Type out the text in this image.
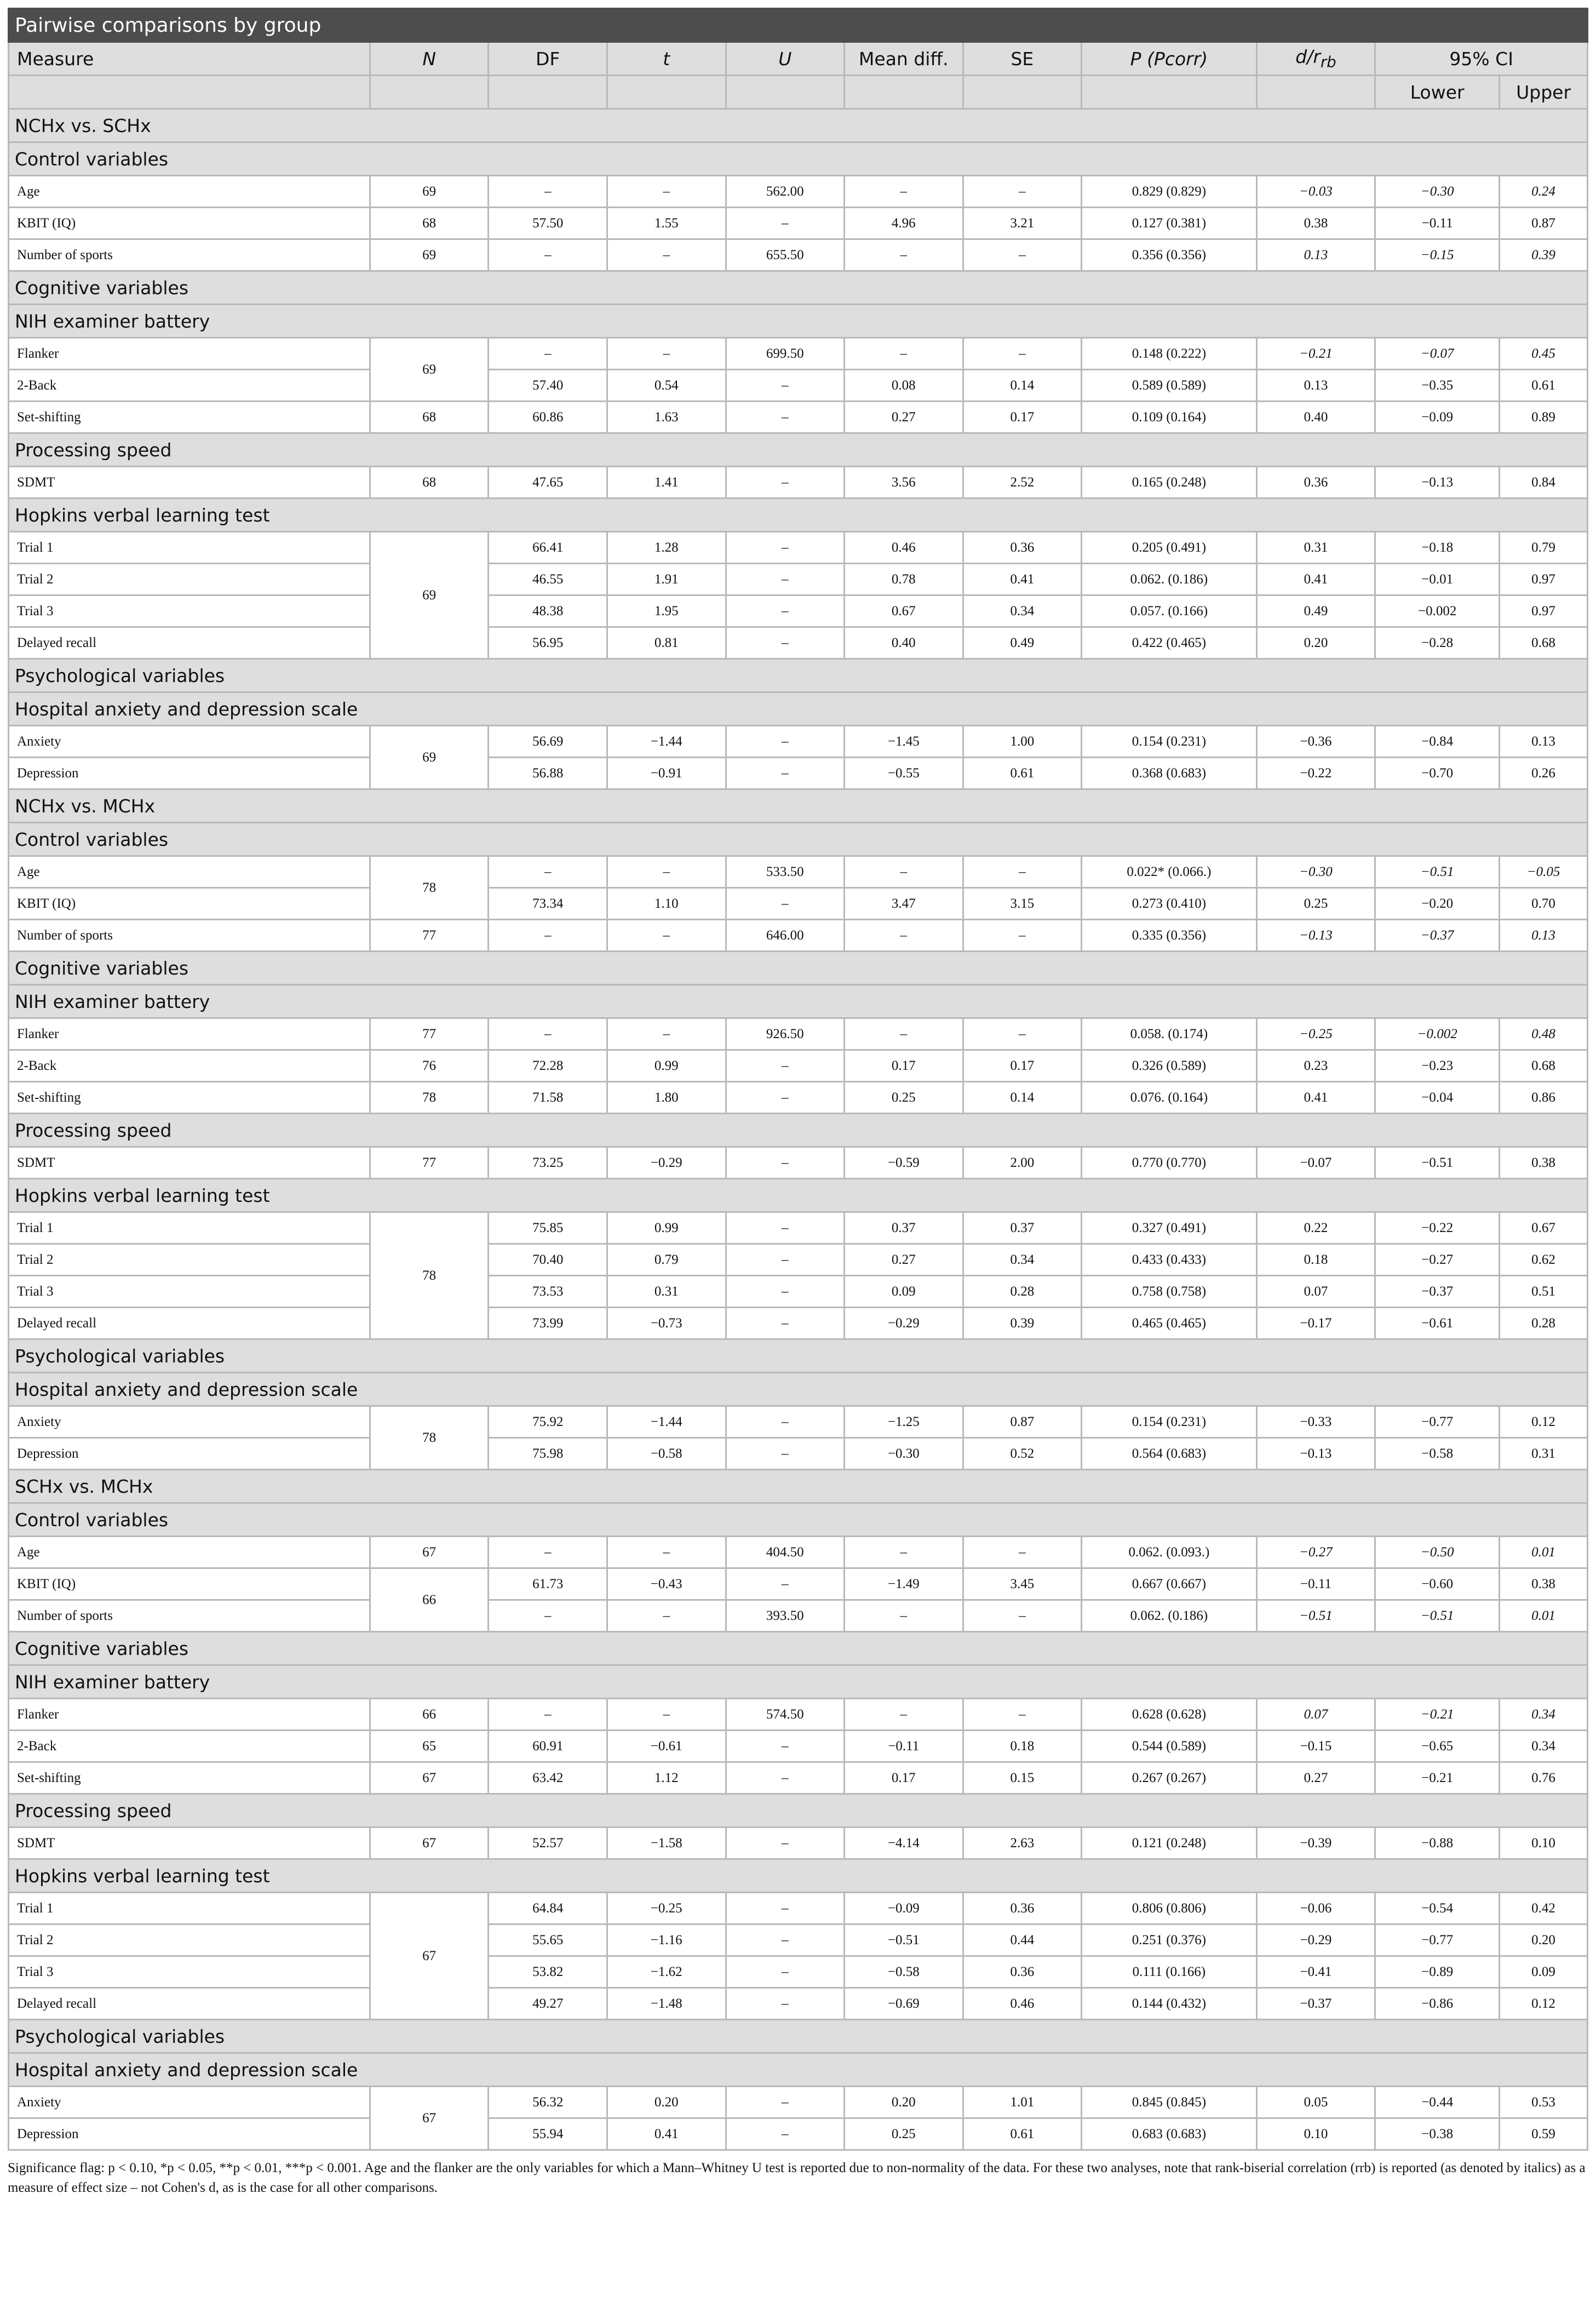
Pairwise comparisons by group										
Measure	N	DF	t	U	Mean diff.	SE	P (Pcorr)	$d/r_{rb}$	95% CI	
									Lower	Upper
NCHx vs. SCHx										
Control variables										
Age	69	–	–	562.00	–	–	0.829 (0.829)	−0.03	−0.30	0.24
KBIT (IQ)	68	57.50	1.55	–	4.96	3.21	0.127 (0.381)	0.38	−0.11	0.87
Number of sports	69	–	–	655.50	–	–	0.356 (0.356)	0.13	−0.15	0.39
Cognitive variables										
NIH examiner battery										
Flanker	69	–	–	699.50	–	–	0.148 (0.222)	−0.21	−0.07	0.45
2-Back		57.40	0.54	–	0.08	0.14	0.589 (0.589)	0.13	−0.35	0.61
Set-shifting	68	60.86	1.63	–	0.27	0.17	0.109 (0.164)	0.40	−0.09	0.89
Processing speed										
SDMT	68	47.65	1.41	–	3.56	2.52	0.165 (0.248)	0.36	−0.13	0.84
Hopkins verbal learning test										
Trial 1	69	66.41	1.28	–	0.46	0.36	0.205 (0.491)	0.31	−0.18	0.79
Trial 2		46.55	1.91	–	0.78	0.41	0.062. (0.186)	0.41	−0.01	0.97
Trial 3		48.38	1.95	–	0.67	0.34	0.057. (0.166)	0.49	−0.002	0.97
Delayed recall		56.95	0.81	–	0.40	0.49	0.422 (0.465)	0.20	−0.28	0.68
Psychological variables										
Hospital anxiety and depression scale										
Anxiety	69	56.69	−1.44	–	−1.45	1.00	0.154 (0.231)	−0.36	−0.84	0.13
Depression		56.88	−0.91	–	−0.55	0.61	0.368 (0.683)	−0.22	−0.70	0.26
NCHx vs. MCHx										
Control variables										
Age	78	–	–	533.50	–	–	0.022* (0.066.)	−0.30	−0.51	−0.05
KBIT (IQ)		73.34	1.10	–	3.47	3.15	0.273 (0.410)	0.25	−0.20	0.70
Number of sports	77	–	–	646.00	–	–	0.335 (0.356)	−0.13	−0.37	0.13
Cognitive variables										
NIH examiner battery										
Flanker	77	–	–	926.50	–	–	0.058. (0.174)	−0.25	−0.002	0.48
2-Back	76	72.28	0.99	–	0.17	0.17	0.326 (0.589)	0.23	−0.23	0.68
Set-shifting	78	71.58	1.80	–	0.25	0.14	0.076. (0.164)	0.41	−0.04	0.86
Processing speed										
SDMT	77	73.25	−0.29	–	−0.59	2.00	0.770 (0.770)	−0.07	−0.51	0.38
Hopkins verbal learning test										
Trial 1	78	75.85	0.99	–	0.37	0.37	0.327 (0.491)	0.22	−0.22	0.67
Trial 2		70.40	0.79	–	0.27	0.34	0.433 (0.433)	0.18	−0.27	0.62
Trial 3		73.53	0.31	–	0.09	0.28	0.758 (0.758)	0.07	−0.37	0.51
Delayed recall		73.99	−0.73	–	−0.29	0.39	0.465 (0.465)	−0.17	−0.61	0.28
Psychological variables										
Hospital anxiety and depression scale										
Anxiety	78	75.92	−1.44	–	−1.25	0.87	0.154 (0.231)	−0.33	−0.77	0.12
Depression		75.98	−0.58	–	−0.30	0.52	0.564 (0.683)	−0.13	−0.58	0.31
SCHx vs. MCHx										
Control variables										
Age	67	–	–	404.50	–	–	0.062. (0.093.)	−0.27	−0.50	0.01
KBIT (IQ)	66	61.73	−0.43	–	−1.49	3.45	0.667 (0.667)	−0.11	−0.60	0.38
Number of sports		–	–	393.50	–	–	0.062. (0.186)	−0.51	−0.51	0.01
Cognitive variables										
NIH examiner battery										
Flanker	66	–	–	574.50	–	–	0.628 (0.628)	0.07	−0.21	0.34
2-Back	65	60.91	−0.61	–	−0.11	0.18	0.544 (0.589)	−0.15	−0.65	0.34
Set-shifting	67	63.42	1.12	–	0.17	0.15	0.267 (0.267)	0.27	−0.21	0.76
Processing speed										
SDMT	67	52.57	−1.58	–	−4.14	2.63	0.121 (0.248)	−0.39	−0.88	0.10
Hopkins verbal learning test										
Trial 1	67	64.84	−0.25	–	−0.09	0.36	0.806 (0.806)	−0.06	−0.54	0.42
Trial 2		55.65	−1.16	–	−0.51	0.44	0.251 (0.376)	−0.29	−0.77	0.20
Trial 3		53.82	−1.62	–	−0.58	0.36	0.111 (0.166)	−0.41	−0.89	0.09
Delayed recall		49.27	−1.48	–	−0.69	0.46	0.144 (0.432)	−0.37	−0.86	0.12
Psychological variables										
Hospital anxiety and depression scale										
Anxiety	67	56.32	0.20	–	0.20	1.01	0.845 (0.845)	0.05	−0.44	0.53
Depression		55.94	0.41	–	0.25	0.61	0.683 (0.683)	0.10	−0.38	0.59
Significance flag: p < 0.10, *p < 0.05, **p < 0.01, ***p < 0.001. Age and the flanker are the only variables for which a Mann–Whitney U test is reported due to non-normality of the data. For these two analyses, note that rank-biserial correlation (rrb) is reported (as denoted by italics) as a measure of effect size – not Cohen's d, as is the case for all other comparisons.
